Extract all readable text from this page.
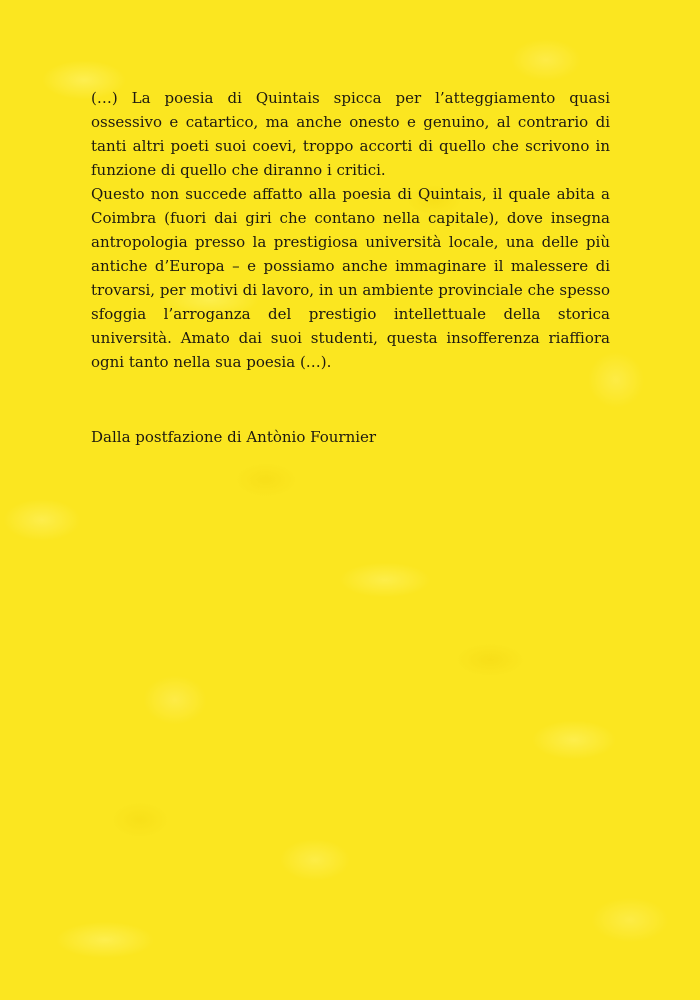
(…) La poesia di Quintais spicca per l’atteggiamento quasi ossessivo e catartico, ma anche onesto e genuino, al contrario di tanti altri poeti suoi coevi, troppo accorti di quello che scrivono in funzione di quello che diranno i critici.

Questo non succede affatto alla poesia di Quintais, il quale abita a Coimbra (fuori dai giri che contano nella capitale), dove insegna antropologia presso la prestigiosa università locale, una delle più antiche d’Europa – e possiamo anche immaginare il malessere di trovarsi, per motivi di lavoro, in un ambiente provinciale che spesso sfoggia l’arroganza del prestigio intellettuale della storica università. Amato dai suoi studenti, questa insofferenza riaffiora ogni tanto nella sua poesia (…).

Dalla postfazione di Antònio Fournier
